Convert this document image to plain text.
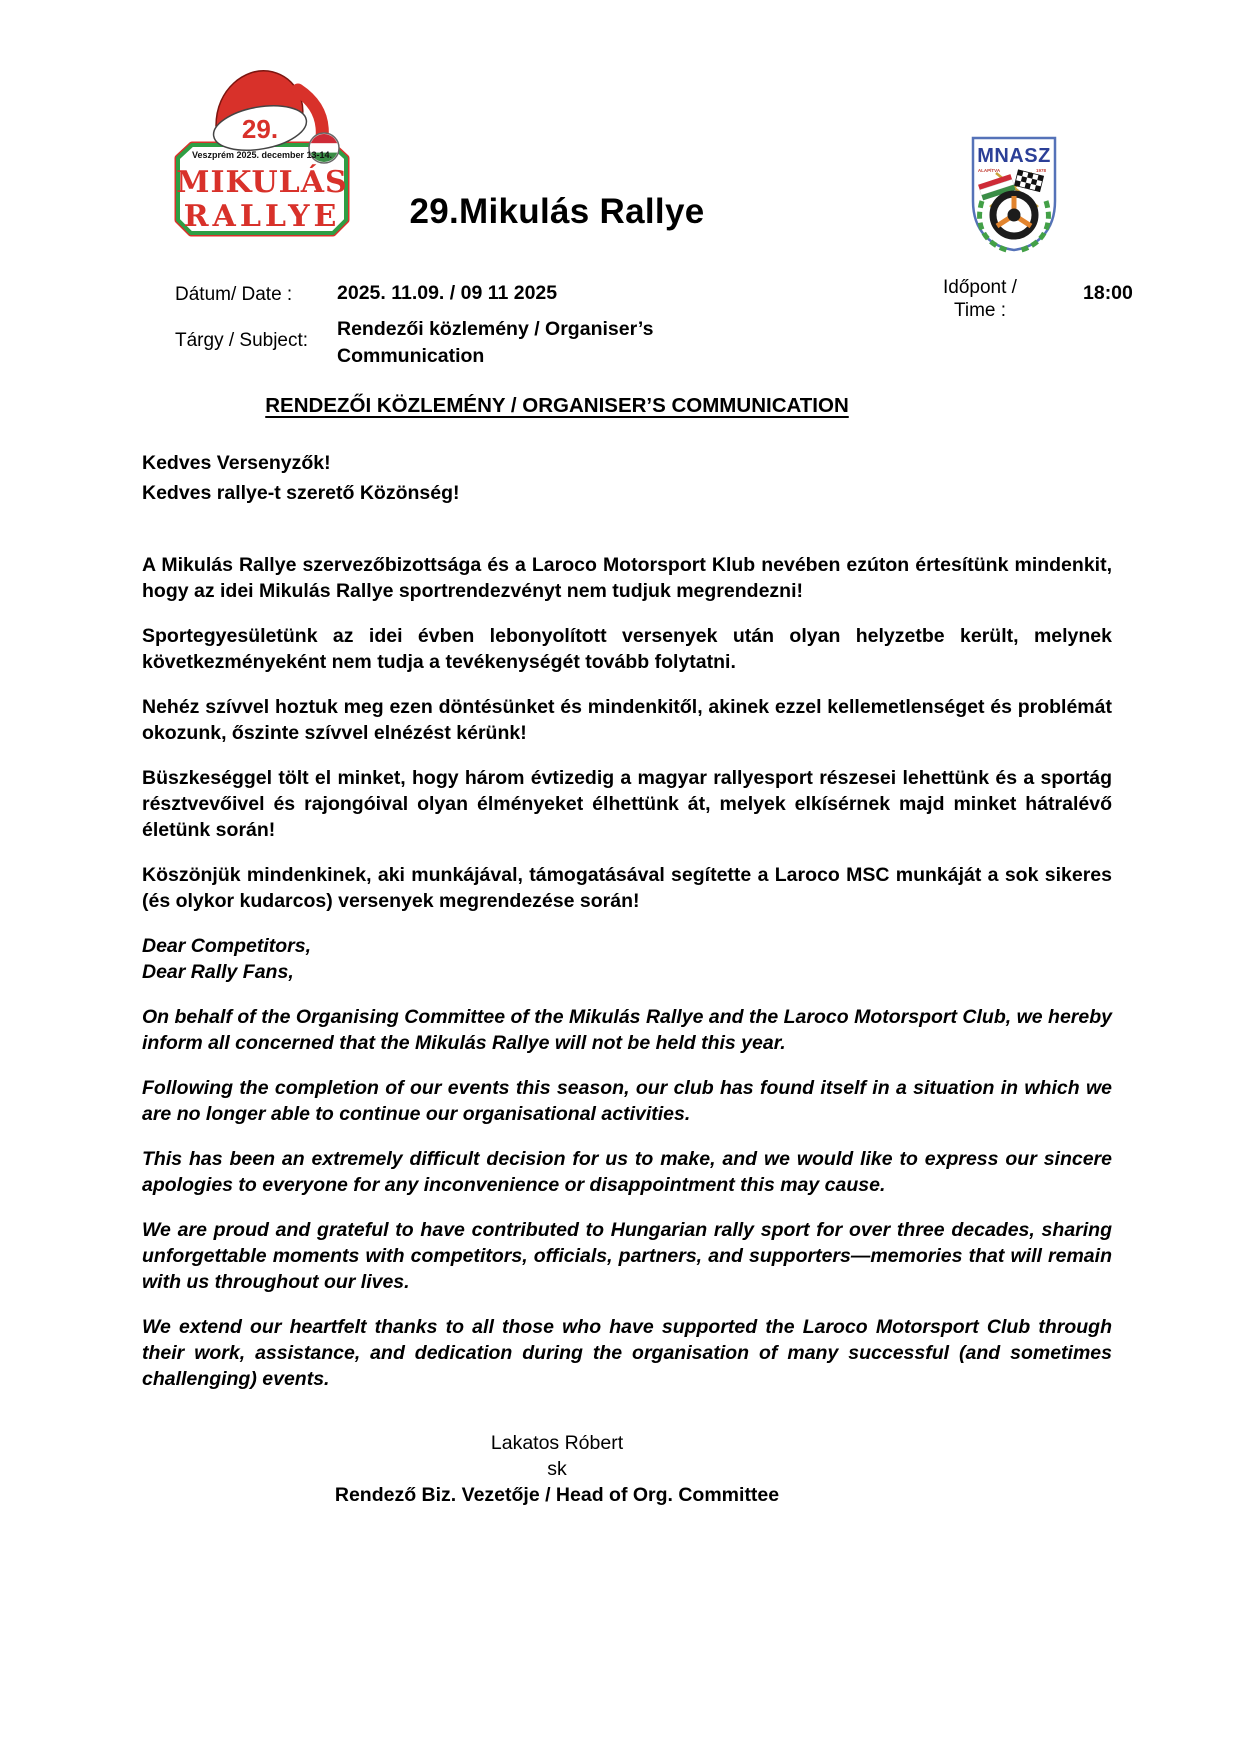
29.
Veszprém 2025. december 13-14.
MIKULÁS
RALLYE	29.Mikulás Rallye
MNASZ
ALAPÍTVA	1978
Dátum/ Date : 2025. 11.09. / 09 11 2025	Időpont /
Time :
18:00
Tárgy / Subject:
Rendezői közlemény / Organiser’s Communication
RENDEZŐI KÖZLEMÉNY / ORGANISER’S COMMUNICATION

Kedves Versenyzők!
Kedves rallye-t szerető Közönség!

A Mikulás Rallye szervezőbizottsága és a Laroco Motorsport Klub nevében ezúton értesítünk mindenkit, hogy az idei Mikulás Rallye sportrendezvényt nem tudjuk megrendezni!

Sportegyesületünk az idei évben lebonyolított versenyek után olyan helyzetbe került, melynek következményeként nem tudja a tevékenységét tovább folytatni.

Nehéz szívvel hoztuk meg ezen döntésünket és mindenkitől, akinek ezzel kellemetlenséget és problémát okozunk, őszinte szívvel elnézést kérünk!

Büszkeséggel tölt el minket, hogy három évtizedig a magyar rallyesport részesei lehettünk és a sportág résztvevőivel és rajongóival olyan élményeket élhettünk át, melyek elkísérnek majd minket hátralévő életünk során!

Köszönjük mindenkinek, aki munkájával, támogatásával segítette a Laroco MSC munkáját a sok sikeres (és olykor kudarcos) versenyek megrendezése során!

Dear Competitors,
Dear Rally Fans,

On behalf of the Organising Committee of the Mikulás Rallye and the Laroco Motorsport Club, we hereby inform all concerned that the Mikulás Rallye will not be held this year.

Following the completion of our events this season, our club has found itself in a situation in which we are no longer able to continue our organisational activities.

This has been an extremely difficult decision for us to make, and we would like to express our sincere apologies to everyone for any inconvenience or disappointment this may cause.

We are proud and grateful to have contributed to Hungarian rally sport for over three decades, sharing unforgettable moments with competitors, officials, partners, and supporters—memories that will remain with us throughout our lives.

We extend our heartfelt thanks to all those who have supported the Laroco Motorsport Club through their work, assistance, and dedication during the organisation of many successful (and sometimes challenging) events.

Lakatos Róbert
sk
Rendező Biz. Vezetője / Head of Org. Committee
